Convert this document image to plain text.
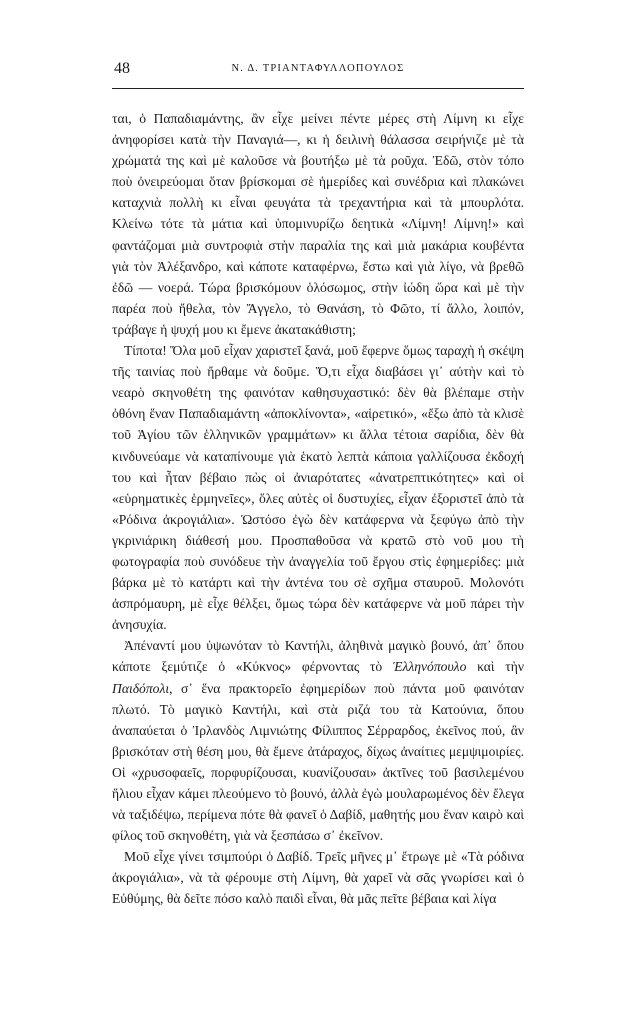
48	Ν. Δ. ΤΡΙΑΝΤΑΦΥΛΛΟΠΟΥΛΟΣ

ται, ὁ Παπαδιαμάντης, ἂν εἶχε μείνει πέντε μέρες στὴ Λίμνη κι εἶχε ἀνηφορίσει κατὰ τὴν Παναγιά—, κι ἡ δειλινὴ θάλασσα σειρήνιζε μὲ τὰ χρώματά της καὶ μὲ καλοῦσε νὰ βουτήξω μὲ τὰ ροῦχα. Ἐδῶ, στὸν τόπο ποὺ ὀνειρεύομαι ὅταν βρίσκομαι σὲ ἡμερίδες καὶ συνέδρια καὶ πλακώνει καταχνιὰ πολλὴ κι εἶναι φευγάτα τὰ τρεχαντήρια καὶ τὰ μπουρλότα. Κλείνω τότε τὰ μάτια καὶ ὑπομινυρίζω δεητικὰ «Λίμνη! Λίμνη!» καὶ φαντάζομαι μιὰ συντροφιὰ στὴν παραλία της καὶ μιὰ μακάρια κουβέντα γιὰ τὸν Ἀλέξανδρο, καὶ κάποτε καταφέρνω, ἔστω καὶ γιὰ λίγο, νὰ βρεθῶ ἐδῶ — νοερά. Τώρα βρισκόμουν ὁλόσωμος, στὴν ἰώδη ὥρα καὶ μὲ τὴν παρέα ποὺ ἤθελα, τὸν Ἄγγελο, τὸ Θανάση, τὸ Φῶτο, τί ἄλλο, λοιπόν, τράβαγε ἡ ψυχή μου κι ἔμενε ἀκατακάθιστη;

Τίποτα! Ὅλα μοῦ εἶχαν χαριστεῖ ξανά, μοῦ ἔφερνε ὅμως ταραχὴ ἡ σκέψη τῆς ταινίας ποὺ ἤρθαμε νὰ δοῦμε. Ὅ,τι εἶχα διαβάσει γι᾽ αὐτὴν καὶ τὸ νεαρὸ σκηνοθέτη της φαινόταν καθησυχαστικό: δὲν θὰ βλέπαμε στὴν ὀθόνη ἕναν Παπαδιαμάντη «ἀποκλίνοντα», «αἱρετικό», «ἔξω ἀπὸ τὰ κλισὲ τοῦ Ἁγίου τῶν ἑλληνικῶν γραμμάτων» κι ἄλλα τέτοια σαρίδια, δὲν θὰ κινδυνεύαμε νὰ καταπίνουμε γιὰ ἑκατὸ λεπτὰ κάποια γαλλίζουσα ἐκδοχή του καὶ ἦταν βέβαιο πὼς οἱ ἀνιαρότατες «ἀνατρεπτικότητες» καὶ οἱ «εὑρηματικὲς ἑρμηνεῖες», ὅλες αὐτὲς οἱ δυστυχίες, εἶχαν ἐξοριστεῖ ἀπὸ τὰ «Ρόδινα ἀκρογιάλια». Ὡστόσο ἐγὼ δὲν κατάφερνα νὰ ξεφύγω ἀπὸ τὴν γκρινιάρικη διάθεσή μου. Προσπαθοῦσα νὰ κρατῶ στὸ νοῦ μου τὴ φωτογραφία ποὺ συνόδευε τὴν ἀναγγελία τοῦ ἔργου στὶς ἐφημερίδες: μιὰ βάρκα μὲ τὸ κατάρτι καὶ τὴν ἀντένα του σὲ σχῆμα σταυροῦ. Μολονότι ἀσπρόμαυρη, μὲ εἶχε θέλξει, ὅμως τώρα δὲν κατάφερνε νὰ μοῦ πάρει τὴν ἀνησυχία.

Ἀπέναντί μου ὑψωνόταν τὸ Καντήλι, ἀληθινὰ μαγικὸ βουνό, ἀπ᾽ ὅπου κάποτε ξεμύτιζε ὁ «Κύκνος» φέρνοντας τὸ Ἑλληνόπουλο καὶ τὴν Παιδόπολι, σ᾽ ἕνα πρακτορεῖο ἐφημερίδων ποὺ πάντα μοῦ φαινόταν πλωτό. Τὸ μαγικὸ Καντήλι, καὶ στὰ ριζά του τὰ Κατούνια, ὅπου ἀναπαύεται ὁ Ἰρλανδὸς Λιμνιώτης Φίλιππος Σέρραρδος, ἐκεῖνος πού, ἂν βρισκόταν στὴ θέση μου, θὰ ἔμενε ἀτάραχος, δίχως ἀναίτιες μεμψιμοιρίες. Οἱ «χρυσοφαεῖς, πορφυρίζουσαι, κυανίζουσαι» ἀκτῖνες τοῦ βασιλεμένου ἥλιου εἶχαν κάμει πλεούμενο τὸ βουνό, ἀλλὰ ἐγὼ μουλαρωμένος δὲν ἔλεγα νὰ ταξιδέψω, περίμενα πότε θὰ φανεῖ ὁ Δαβίδ, μαθητής μου ἕναν καιρὸ καὶ φίλος τοῦ σκηνοθέτη, γιὰ νὰ ξεσπάσω σ᾽ ἐκεῖνον.

Μοῦ εἶχε γίνει τσιμπούρι ὁ Δαβίδ. Τρεῖς μῆνες μ᾽ ἔτρωγε μὲ «Τὰ ρόδινα ἀκρογιάλια», νὰ τὰ φέρουμε στὴ Λίμνη, θὰ χαρεῖ νὰ σᾶς γνωρίσει καὶ ὁ Εὐθύμης, θὰ δεῖτε πόσο καλὸ παιδὶ εἶναι, θὰ μᾶς πεῖτε βέβαια καὶ λίγα
